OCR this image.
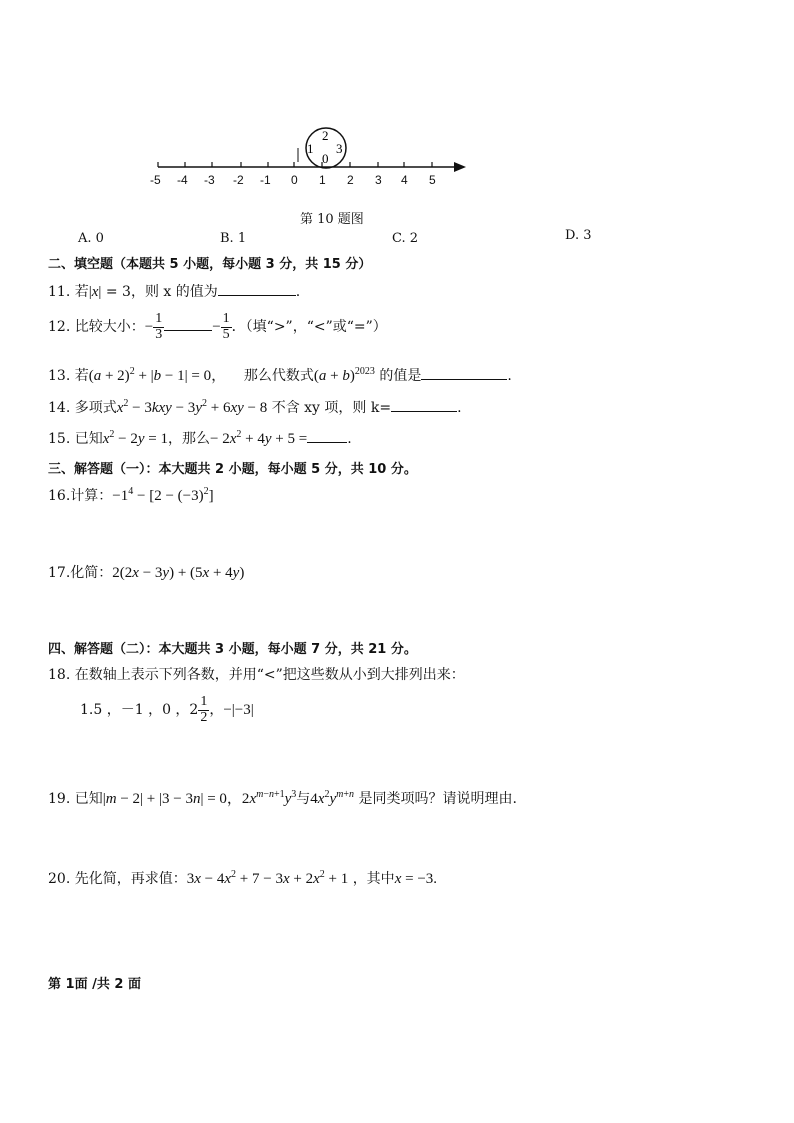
-5 -4 -3 -2 -1 0 1 2 3 4 5
2
1 3
0
第 10 题图
A. 0	B. 1	C. 2	D. 3
二、填空题（本题共 5 小题，每小题 3 分，共 15 分）
11. 若|x| = 3，则 x 的值为	.
12. 比较大小：− $\frac{1}{3}$	− $\frac{1}{5}$ ．（填“>”，“<”或“=”）
13. 若$(a + 2)^2 + |b - 1| = 0$， 那么代数式$(a + b)^{2023}$ 的值是	.
14. 多项式$x^2 - 3kxy - 3y^2 + 6xy - 8$ 不含 xy 项，则 k=	.
15. 已知$x^2 - 2y = 1$，那么− $2x^2 + 4y + 5$ =	.
三、解答题（一）：本大题共 2 小题，每小题 5 分，共 10 分。
16.计算：$-1^4 - [2 - (-3)^2]$
17.化简：2(2x − 3y) + (5x + 4y)
四、解答题（二）：本大题共 3 小题，每小题 7 分，共 21 分。
18. 在数轴上表示下列各数，并用“<”把这些数从小到大排列出来：
1.5 ，－1 ，0 ，$2 \frac{1}{2}$ ，−|−3|
19. 已知|m − 2| + |3 − 3n| = 0，$2x^{m-n+1}y^3$与$4x^2y^{m+n}$ 是同类项吗？请说明理由.
20. 先化简，再求值：$3x - 4x^2 + 7 - 3x + 2x^2 + 1$ ，其中x = −3.
第 1面 /共 2 面
